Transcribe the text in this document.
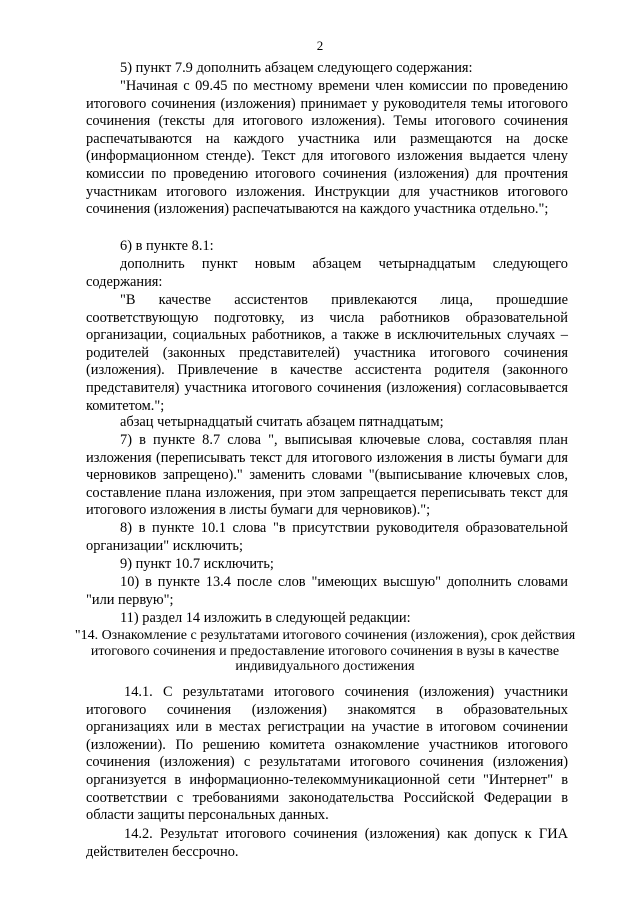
2

5) пункт 7.9 дополнить абзацем следующего содержания:

"Начиная с 09.45 по местному времени член комиссии по проведению итогового сочинения (изложения) принимает у руководителя темы итогового сочинения (тексты для итогового изложения). Темы итогового сочинения распечатываются на каждого участника или размещаются на доске (информационном стенде). Текст для итогового изложения выдается члену комиссии по проведению итогового сочинения (изложения) для прочтения участникам итогового изложения. Инструкции для участников итогового сочинения (изложения) распечатываются на каждого участника отдельно.";

6) в пункте 8.1:

дополнить пункт новым абзацем четырнадцатым следующего содержания:

"В качестве ассистентов привлекаются лица, прошедшие соответствующую подготовку, из числа работников образовательной организации, социальных работников, а также в исключительных случаях – родителей (законных представителей) участника итогового сочинения (изложения). Привлечение в качестве ассистента родителя (законного представителя) участника итогового сочинения (изложения) согласовывается комитетом.";

абзац четырнадцатый считать абзацем пятнадцатым;

7) в пункте 8.7 слова ", выписывая ключевые слова, составляя план изложения (переписывать текст для итогового изложения в листы бумаги для черновиков запрещено)." заменить словами "(выписывание ключевых слов, составление плана изложения, при этом запрещается переписывать текст для итогового изложения в листы бумаги для черновиков).";

8) в пункте 10.1 слова "в присутствии руководителя образовательной организации" исключить;

9) пункт 10.7 исключить;

10) в пункте 13.4 после слов "имеющих высшую" дополнить словами "или первую";

11) раздел 14 изложить в следующей редакции:

"14. Ознакомление с результатами итогового сочинения (изложения), срок действия итогового сочинения и предоставление итогового сочинения в вузы в качестве индивидуального достижения

14.1. С результатами итогового сочинения (изложения) участники итогового сочинения (изложения) знакомятся в образовательных организациях или в местах регистрации на участие в итоговом сочинении (изложении). По решению комитета ознакомление участников итогового сочинения (изложения) с результатами итогового сочинения (изложения) организуется в информационно-телекоммуникационной сети "Интернет" в соответствии с требованиями законодательства Российской Федерации в области защиты персональных данных.

14.2. Результат итогового сочинения (изложения) как допуск к ГИА действителен бессрочно.
